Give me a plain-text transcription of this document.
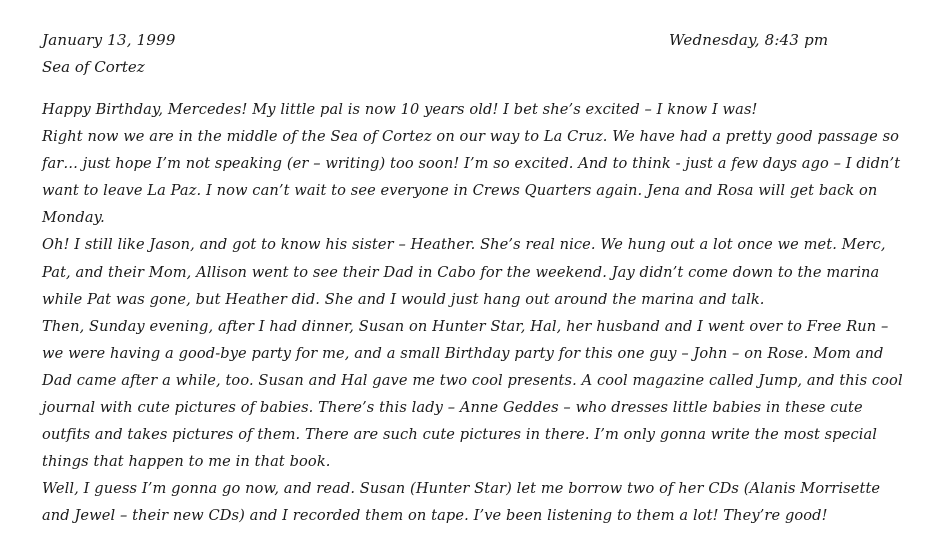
January 13, 1999	Wednesday, 8:43 pm
Sea of Cortez

Happy Birthday, Mercedes! My little pal is now 10 years old! I bet she’s excited – I know I was!

Right now we are in the middle of the Sea of Cortez on our way to La Cruz. We have had a pretty good passage so far… just hope I’m not speaking (er – writing) too soon! I’m so excited. And to think - just a few days ago – I didn’t want to leave La Paz. I now can’t wait to see everyone in Crews Quarters again. Jena and Rosa will get back on Monday.

Oh! I still like Jason, and got to know his sister – Heather. She’s real nice. We hung out a lot once we met. Merc, Pat, and their Mom, Allison went to see their Dad in Cabo for the weekend. Jay didn’t come down to the marina while Pat was gone, but Heather did. She and I would just hang out around the marina and talk.

Then, Sunday evening, after I had dinner, Susan on Hunter Star, Hal, her husband and I went over to Free Run – we were having a good-bye party for me, and a small Birthday party for this one guy – John – on Rose. Mom and Dad came after a while, too. Susan and Hal gave me two cool presents. A cool magazine called Jump, and this cool journal with cute pictures of babies. There’s this lady – Anne Geddes – who dresses little babies in these cute outfits and takes pictures of them. There are such cute pictures in there. I’m only gonna write the most special things that happen to me in that book.

Well, I guess I’m gonna go now, and read. Susan (Hunter Star) let me borrow two of her CDs (Alanis Morrisette and Jewel – their new CDs) and I recorded them on tape. I’ve been listening to them a lot! They’re good!
